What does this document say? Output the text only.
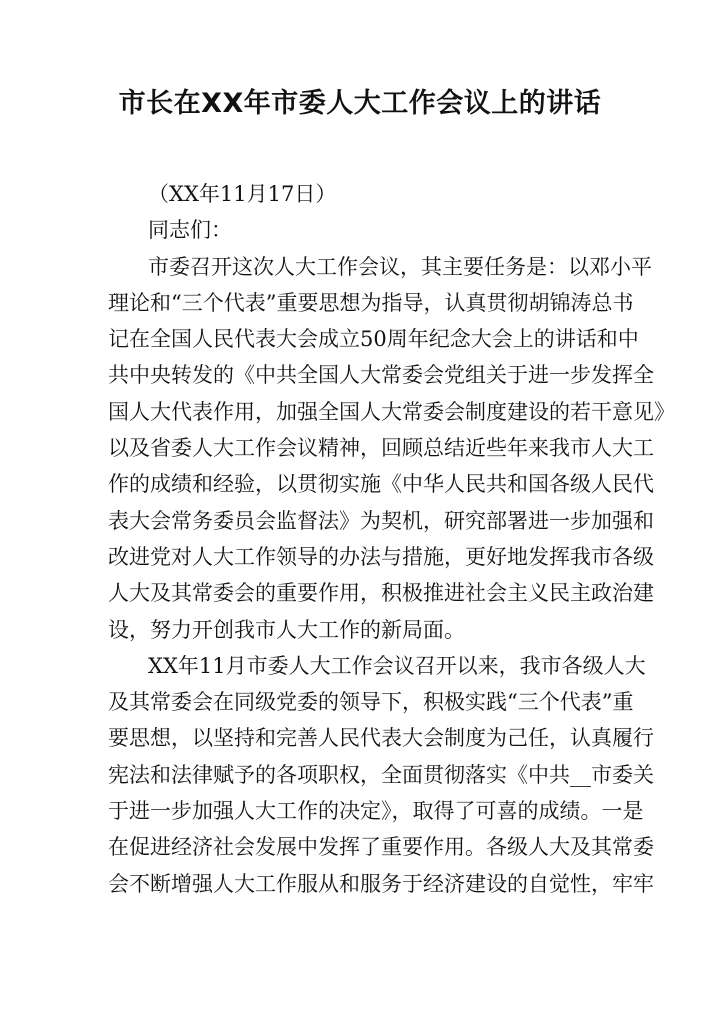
市长在XX年市委人大工作会议上的讲话
（XX年11月17日）
同志们：
市委召开这次人大工作会议，其主要任务是：以邓小平
理论和“三个代表”重要思想为指导，认真贯彻胡锦涛总书
记在全国人民代表大会成立50周年纪念大会上的讲话和中
共中央转发的《中共全国人大常委会党组关于进一步发挥全
国人大代表作用，加强全国人大常委会制度建设的若干意见》
以及省委人大工作会议精神，回顾总结近些年来我市人大工
作的成绩和经验，以贯彻实施《中华人民共和国各级人民代
表大会常务委员会监督法》为契机，研究部署进一步加强和
改进党对人大工作领导的办法与措施，更好地发挥我市各级
人大及其常委会的重要作用，积极推进社会主义民主政治建
设，努力开创我市人大工作的新局面。
XX年11月市委人大工作会议召开以来，我市各级人大
及其常委会在同级党委的领导下，积极实践“三个代表”重
要思想，以坚持和完善人民代表大会制度为己任，认真履行
宪法和法律赋予的各项职权，全面贯彻落实《中共__市委关
于进一步加强人大工作的决定》，取得了可喜的成绩。一是
在促进经济社会发展中发挥了重要作用。各级人大及其常委
会不断增强人大工作服从和服务于经济建设的自觉性，牢牢
